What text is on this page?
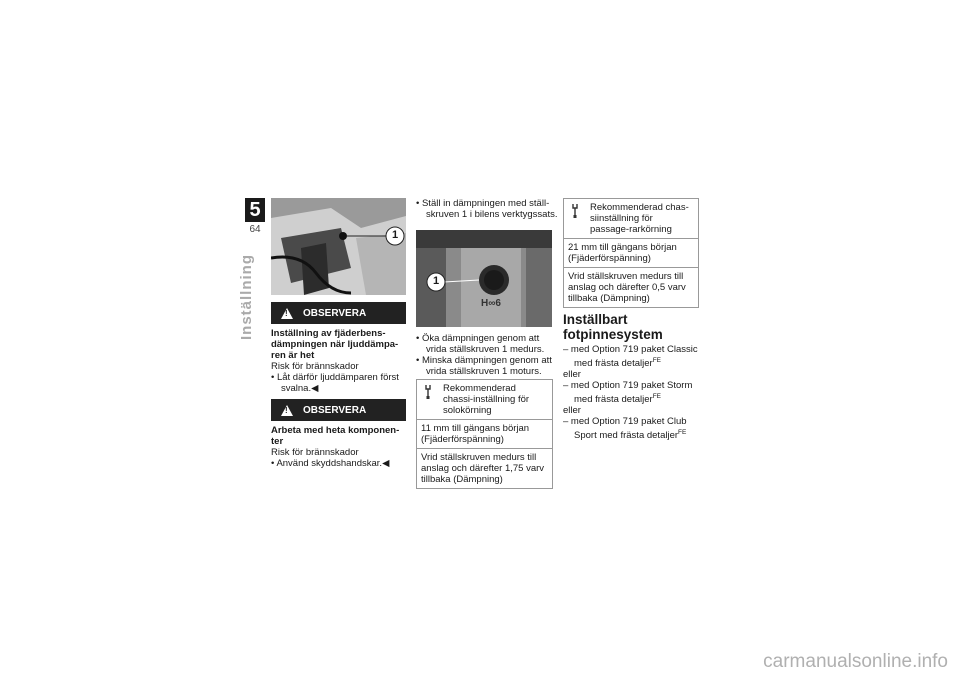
5
64
Inställning
1
!
OBSERVERA
Inställning av fjäderbens-dämpningen när ljuddämpa-ren är het
Risk för brännskador
• Låt därför ljuddämparen först svalna.◀
!
OBSERVERA
Arbeta med heta komponen-ter
Risk för brännskador
• Använd skyddshandskar.◀
• Ställ in dämpningen med ställ-skruven 1 i bilens verktygssats.
H∞6
1
• Öka dämpningen genom att vrida ställskruven 1 medurs.
• Minska dämpningen genom att vrida ställskruven 1 moturs.
Rekommenderad chassi-inställning för solokörning
11 mm till gängans början (Fjäderförspänning)
Vrid ställskruven medurs till anslag och därefter 1,75 varv tillbaka (Dämpning)
Rekommenderad chas-siinställning för passage-rarkörning
21 mm till gängans början (Fjäderförspänning)
Vrid ställskruven medurs till anslag och därefter 0,5 varv tillbaka (Dämpning)
Inställbart fotpinnesystem
– med Option 719 paket Classic med frästa detaljer$^{FE}$
eller
– med Option 719 paket Storm med frästa detaljer$^{FE}$
eller
– med Option 719 paket Club Sport med frästa detaljer$^{FE}$
carmanualsonline.info
